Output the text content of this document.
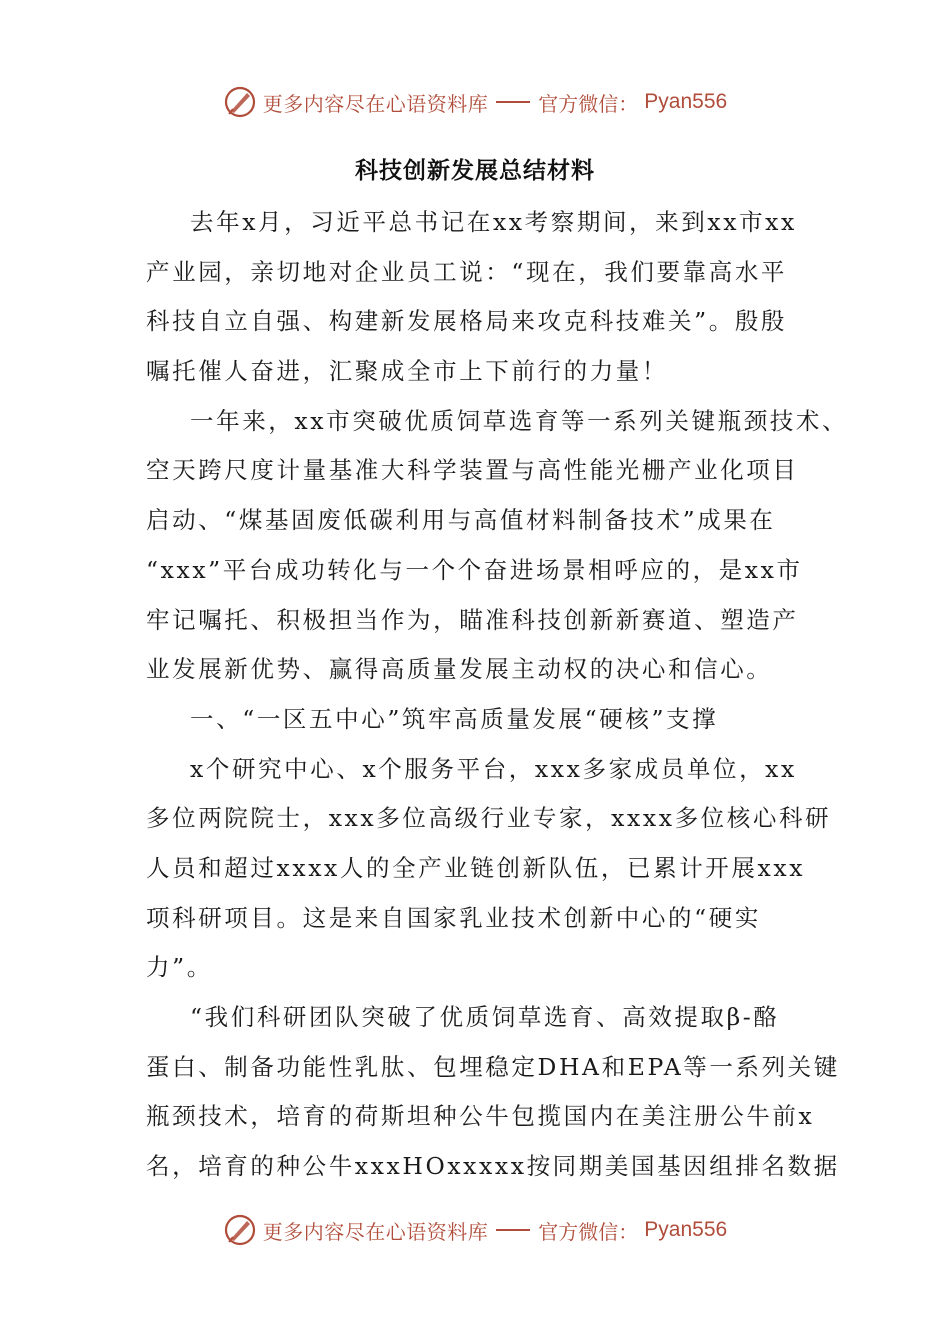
更多内容尽在心语资料库	官方微信： Pyan556
科技创新发展总结材料
去年x月，习近平总书记在xx考察期间，来到xx市xx
产业园，亲切地对企业员工说：“现在，我们要靠高水平
科技自立自强、构建新发展格局来攻克科技难关”。殷殷
嘱托催人奋进，汇聚成全市上下前行的力量！
一年来，xx市突破优质饲草选育等一系列关键瓶颈技术、
空天跨尺度计量基准大科学装置与高性能光栅产业化项目
启动、“煤基固废低碳利用与高值材料制备技术”成果在
“xxx”平台成功转化与一个个奋进场景相呼应的，是xx市
牢记嘱托、积极担当作为，瞄准科技创新新赛道、塑造产
业发展新优势、赢得高质量发展主动权的决心和信心。
一、“一区五中心”筑牢高质量发展“硬核”支撑
x个研究中心、x个服务平台，xxx多家成员单位，xx
多位两院院士，xxx多位高级行业专家，xxxx多位核心科研
人员和超过xxxx人的全产业链创新队伍，已累计开展xxx
项科研项目。这是来自国家乳业技术创新中心的“硬实
力”。
“我们科研团队突破了优质饲草选育、高效提取β-酪
蛋白、制备功能性乳肽、包埋稳定DHA和EPA等一系列关键
瓶颈技术，培育的荷斯坦种公牛包揽国内在美注册公牛前x
名，培育的种公牛xxxHOxxxxx按同期美国基因组排名数据
更多内容尽在心语资料库	官方微信： Pyan556
